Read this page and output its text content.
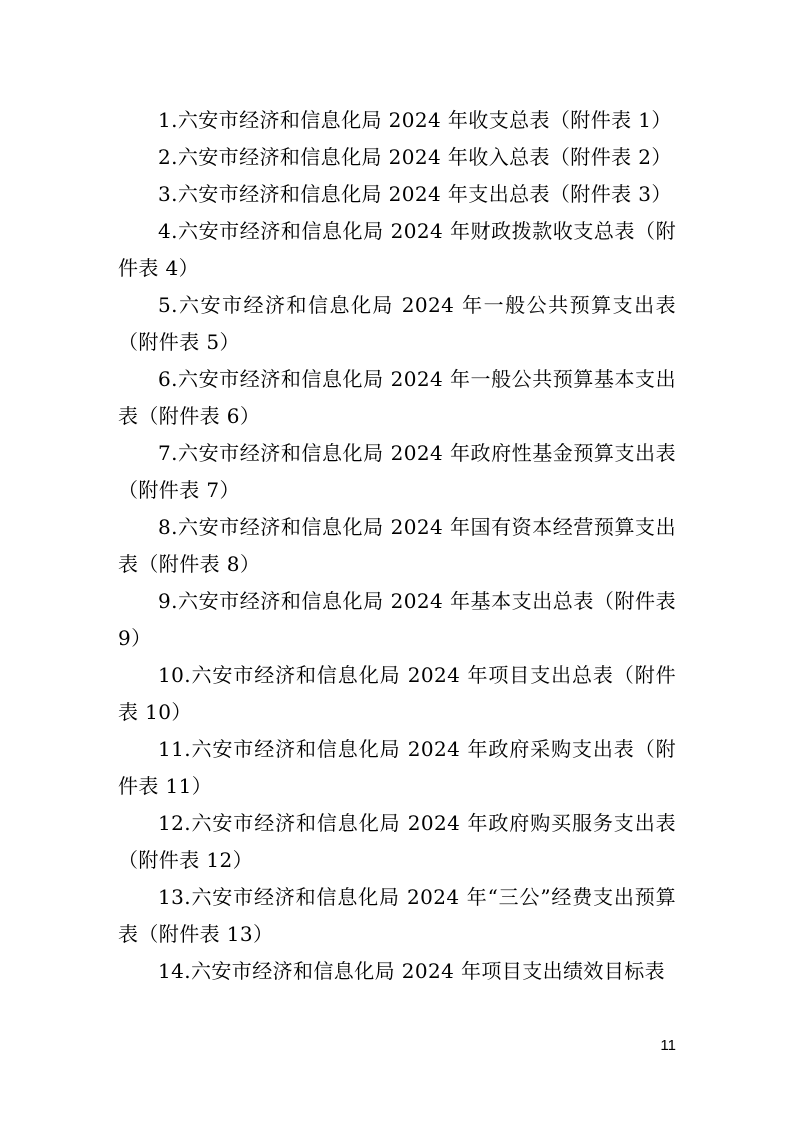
1.六安市经济和信息化局 2024 年收支总表（附件表 1）

2.六安市经济和信息化局 2024 年收入总表（附件表 2）

3.六安市经济和信息化局 2024 年支出总表（附件表 3）

4.六安市经济和信息化局 2024 年财政拨款收支总表（附件表 4）

5.六安市经济和信息化局 2024 年一般公共预算支出表（附件表 5）

6.六安市经济和信息化局 2024 年一般公共预算基本支出表（附件表 6）

7.六安市经济和信息化局 2024 年政府性基金预算支出表（附件表 7）

8.六安市经济和信息化局 2024 年国有资本经营预算支出表（附件表 8）

9.六安市经济和信息化局 2024 年基本支出总表（附件表 9）

10.六安市经济和信息化局 2024 年项目支出总表（附件表 10）

11.六安市经济和信息化局 2024 年政府采购支出表（附件表 11）

12.六安市经济和信息化局 2024 年政府购买服务支出表（附件表 12）

13.六安市经济和信息化局 2024 年“三公”经费支出预算表（附件表 13）

14.六安市经济和信息化局 2024 年项目支出绩效目标表

11
